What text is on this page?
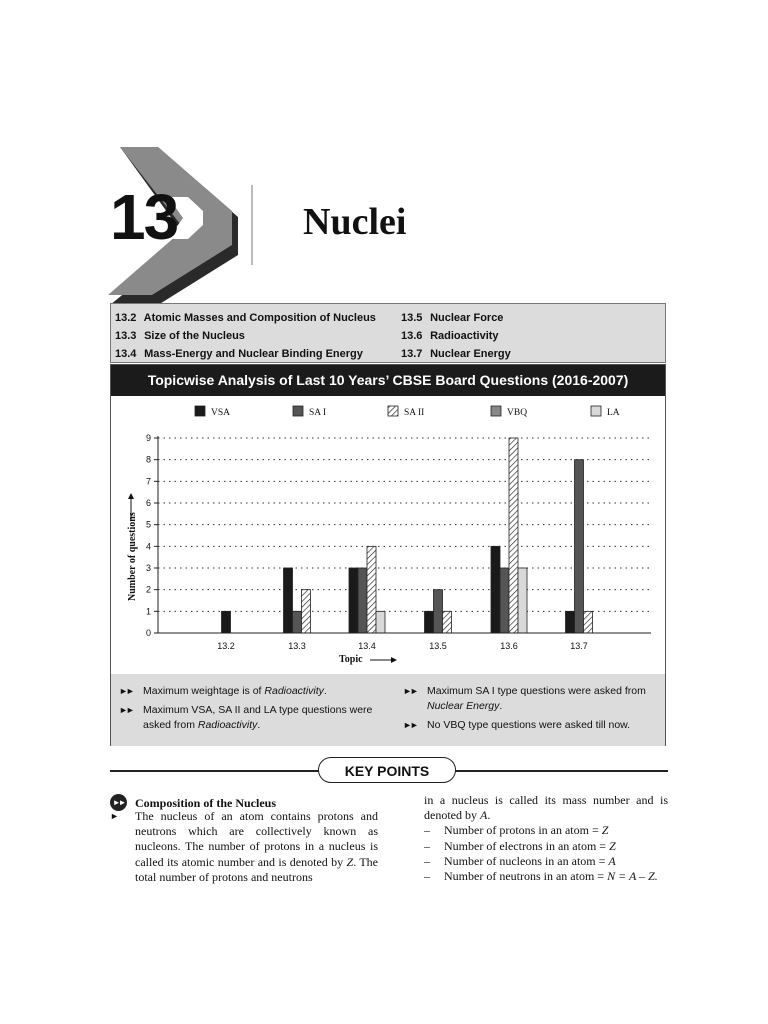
13	Nuclei
13.2 Atomic Masses and Composition of Nucleus
13.3 Size of the Nucleus
13.4 Mass-Energy and Nuclear Binding Energy
13.5 Nuclear Force
13.6 Radioactivity
13.7 Nuclear Energy
Topicwise Analysis of Last 10 Years’ CBSE Board Questions (2016-2007)
0
1
2
3
4
5
6
7
8
9
13.2	13.3	13.4	13.5	13.6	13.7
VSA	SA I	SA II	VBQ	LA
Number of questions
Topic
►► Maximum weightage is of Radioactivity.
►► Maximum VSA, SA II and LA type questions were asked from Radioactivity.
►► Maximum SA I type questions were asked from Nuclear Energy.
►► No VBQ type questions were asked till now.
KEY POINTS
►► Composition of the Nucleus
► The nucleus of an atom contains protons and neutrons which are collectively known as nucleons. The number of protons in a nucleus is called its atomic number and is denoted by Z. The total number of protons and neutrons
in a nucleus is called its mass number and is denoted by A.
– Number of protons in an atom = Z
– Number of electrons in an atom = Z
– Number of nucleons in an atom = A
– Number of neutrons in an atom = N = A – Z.
